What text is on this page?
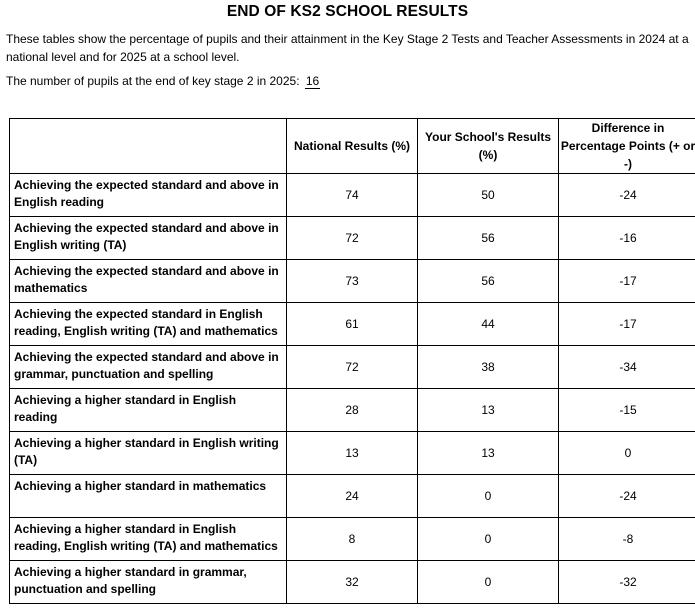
END OF KS2 SCHOOL RESULTS
These tables show the percentage of pupils and their attainment in the Key Stage 2 Tests and Teacher Assessments in 2024 at a national level and for 2025 at a school level.
The number of pupils at the end of key stage 2 in 2025: 16
	National Results (%)	Your School's Results (%)	Difference in Percentage Points (+ or -)
Achieving the expected standard and above in English reading	74	50	-24
Achieving the expected standard and above in English writing (TA)	72	56	-16
Achieving the expected standard and above in mathematics	73	56	-17
Achieving the expected standard in English reading, English writing (TA) and mathematics	61	44	-17
Achieving the expected standard and above in grammar, punctuation and spelling	72	38	-34
Achieving a higher standard in English reading	28	13	-15
Achieving a higher standard in English writing (TA)	13	13	0
Achieving a higher standard in mathematics	24	0	-24
Achieving a higher standard in English reading, English writing (TA) and mathematics	8	0	-8
Achieving a higher standard in grammar, punctuation and spelling	32	0	-32
